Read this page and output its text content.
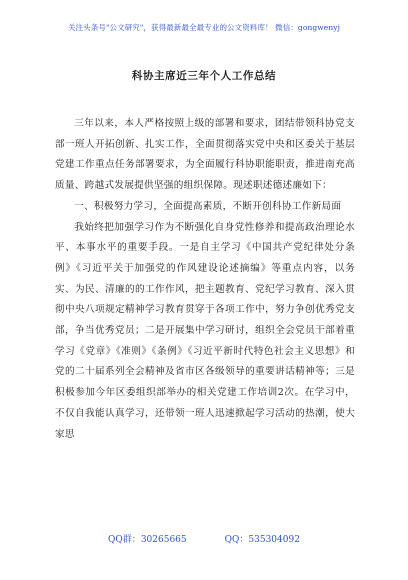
关注头条号"公文研究"，获得最新最全最专业的公文资料库！ 微信：gongwenyj
科协主席近三年个人工作总结

三年以来，本人严格按照上级的部署和要求，团结带领科协党支部一班人开拓创新、扎实工作，全面贯彻落实党中央和区委关于基层党建工作重点任务部署要求，为全面履行科协职能职责，推进南充高质量、跨越式发展提供坚强的组织保障。现述职述德述廉如下：

一、积极努力学习，全面提高素质，不断开创科协工作新局面

我始终把加强学习作为不断强化自身党性修养和提高政治理论水平、本事水平的重要手段。一是自主学习《中国共产党纪律处分条例》《习近平关于加强党的作风建设论述摘编》等重点内容，以务实、为民、清廉的的工作作风，把主题教育、党纪学习教育、深入贯彻中央八项规定精神学习教育贯穿于各项工作中，努力争创优秀党支部，争当优秀党员；二是开展集中学习研讨，组织全会党员干部着重学习《党章》《准则》《条例》《习近平新时代特色社会主义思想》和党的二十届系列全会精神及省市区各级领导的重要讲话精神等；三是积极参加今年区委组织部举办的相关党建工作培训2次。在学习中，不仅自我能认真学习，还带领一班人迅速掀起学习活动的热潮，使大家思

QQ群：30265665	QQ：535304092
